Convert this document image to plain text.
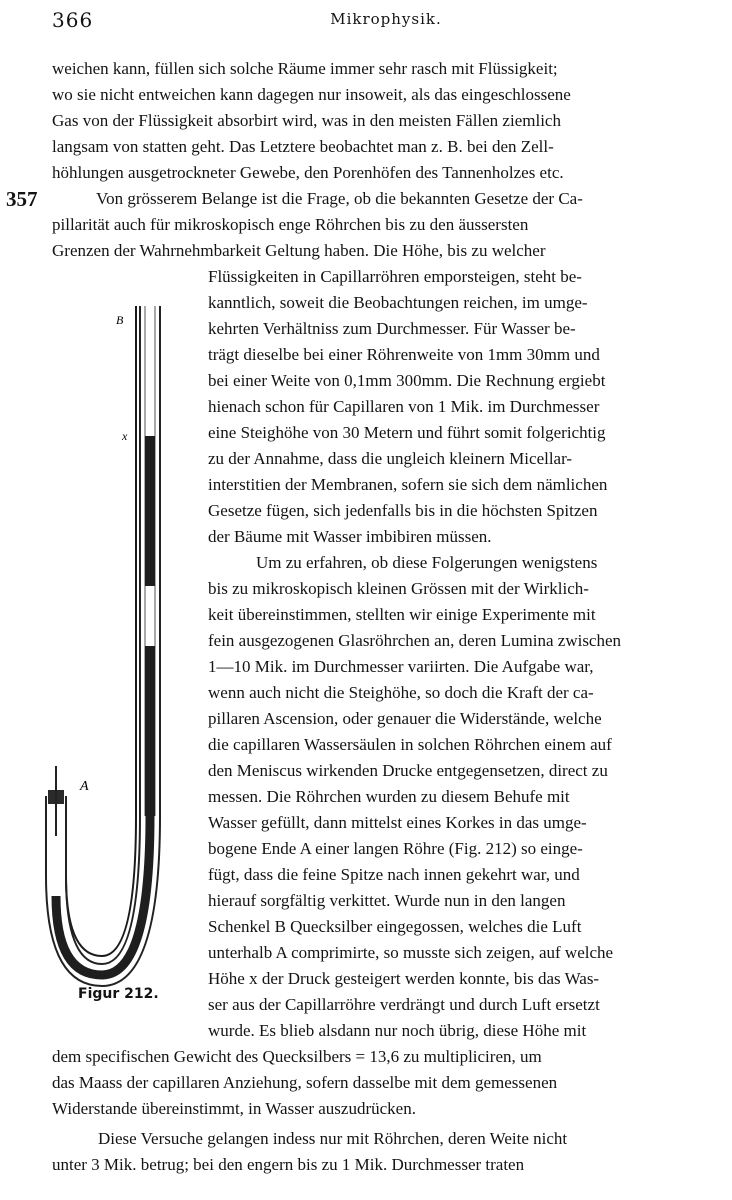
366	Mikrophysik.
357
B
x
A
Figur 212.
weichen kann, füllen sich solche Räume immer sehr rasch mit Flüssigkeit;
wo sie nicht entweichen kann dagegen nur insoweit, als das eingeschlossene
Gas von der Flüssigkeit absorbirt wird, was in den meisten Fällen ziemlich
langsam von statten geht. Das Letztere beobachtet man z. B. bei den Zell-
höhlungen ausgetrockneter Gewebe, den Porenhöfen des Tannenholzes etc.
Von grösserem Belange ist die Frage, ob die bekannten Gesetze der Ca-
pillarität auch für mikroskopisch enge Röhrchen bis zu den äussersten
Grenzen der Wahrnehmbarkeit Geltung haben. Die Höhe, bis zu welcher
Flüssigkeiten in Capillarröhren emporsteigen, steht be-
kanntlich, soweit die Beobachtungen reichen, im umge-
kehrten Verhältniss zum Durchmesser. Für Wasser be-
trägt dieselbe bei einer Röhrenweite von 1mm 30mm und
bei einer Weite von 0,1mm 300mm. Die Rechnung ergiebt
hienach schon für Capillaren von 1 Mik. im Durchmesser
eine Steighöhe von 30 Metern und führt somit folgerichtig
zu der Annahme, dass die ungleich kleinern Micellar-
interstitien der Membranen, sofern sie sich dem nämlichen
Gesetze fügen, sich jedenfalls bis in die höchsten Spitzen
der Bäume mit Wasser imbibiren müssen.
Um zu erfahren, ob diese Folgerungen wenigstens
bis zu mikroskopisch kleinen Grössen mit der Wirklich-
keit übereinstimmen, stellten wir einige Experimente mit
fein ausgezogenen Glasröhrchen an, deren Lumina zwischen
1—10 Mik. im Durchmesser variirten. Die Aufgabe war,
wenn auch nicht die Steighöhe, so doch die Kraft der ca-
pillaren Ascension, oder genauer die Widerstände, welche
die capillaren Wassersäulen in solchen Röhrchen einem auf
den Meniscus wirkenden Drucke entgegensetzen, direct zu
messen. Die Röhrchen wurden zu diesem Behufe mit
Wasser gefüllt, dann mittelst eines Korkes in das umge-
bogene Ende A einer langen Röhre (Fig. 212) so einge-
fügt, dass die feine Spitze nach innen gekehrt war, und
hierauf sorgfältig verkittet. Wurde nun in den langen
Schenkel B Quecksilber eingegossen, welches die Luft
unterhalb A comprimirte, so musste sich zeigen, auf welche
Höhe x der Druck gesteigert werden konnte, bis das Was-
ser aus der Capillarröhre verdrängt und durch Luft ersetzt
wurde. Es blieb alsdann nur noch übrig, diese Höhe mit
dem specifischen Gewicht des Quecksilbers = 13,6 zu multipliciren, um
das Maass der capillaren Anziehung, sofern dasselbe mit dem gemessenen
Widerstande übereinstimmt, in Wasser auszudrücken.
Diese Versuche gelangen indess nur mit Röhrchen, deren Weite nicht
unter 3 Mik. betrug; bei den engern bis zu 1 Mik. Durchmesser traten
